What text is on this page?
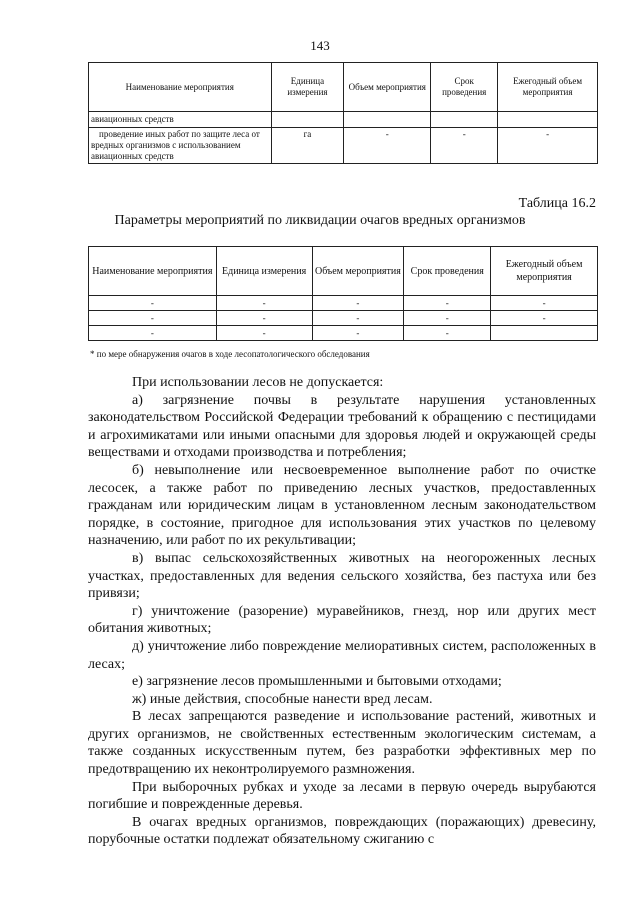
143
Наименование мероприятия	Единица измерения	Объем мероприятия	Срок проведения	Ежегодный объем мероприятия
авиационных средств				
проведение иных работ по защите леса от вредных организмов с использованием авиационных средств	га	-	-	-
Таблица 16.2
Параметры мероприятий по ликвидации очагов вредных организмов
Наименование мероприятия	Единица измерения	Объем мероприятия	Срок проведения	Ежегодный объем мероприятия
-	-	-	-	-
-	-	-	-	-
-	-	-	-	
* по мере обнаружения очагов в ходе лесопатологического обследования

При использовании лесов не допускается:

а) загрязнение почвы в результате нарушения установленных законодательством Российской Федерации требований к обращению с пестицидами и агрохимикатами или иными опасными для здоровья людей и окружающей среды веществами и отходами производства и потребления;

б) невыполнение или несвоевременное выполнение работ по очистке лесосек, а также работ по приведению лесных участков, предоставленных гражданам или юридическим лицам в установленном лесным законодательством порядке, в состояние, пригодное для использования этих участков по целевому назначению, или работ по их рекультивации;

в) выпас сельскохозяйственных животных на неогороженных лесных участках, предоставленных для ведения сельского хозяйства, без пастуха или без привязи;

г) уничтожение (разорение) муравейников, гнезд, нор или других мест обитания животных;

д) уничтожение либо повреждение мелиоративных систем, расположенных в лесах;

е) загрязнение лесов промышленными и бытовыми отходами;

ж) иные действия, способные нанести вред лесам.

В лесах запрещаются разведение и использование растений, животных и других организмов, не свойственных естественным экологическим системам, а также созданных искусственным путем, без разработки эффективных мер по предотвращению их неконтролируемого размножения.

При выборочных рубках и уходе за лесами в первую очередь вырубаются погибшие и поврежденные деревья.

В очагах вредных организмов, повреждающих (поражающих) древесину, порубочные остатки подлежат обязательному сжиганию с
